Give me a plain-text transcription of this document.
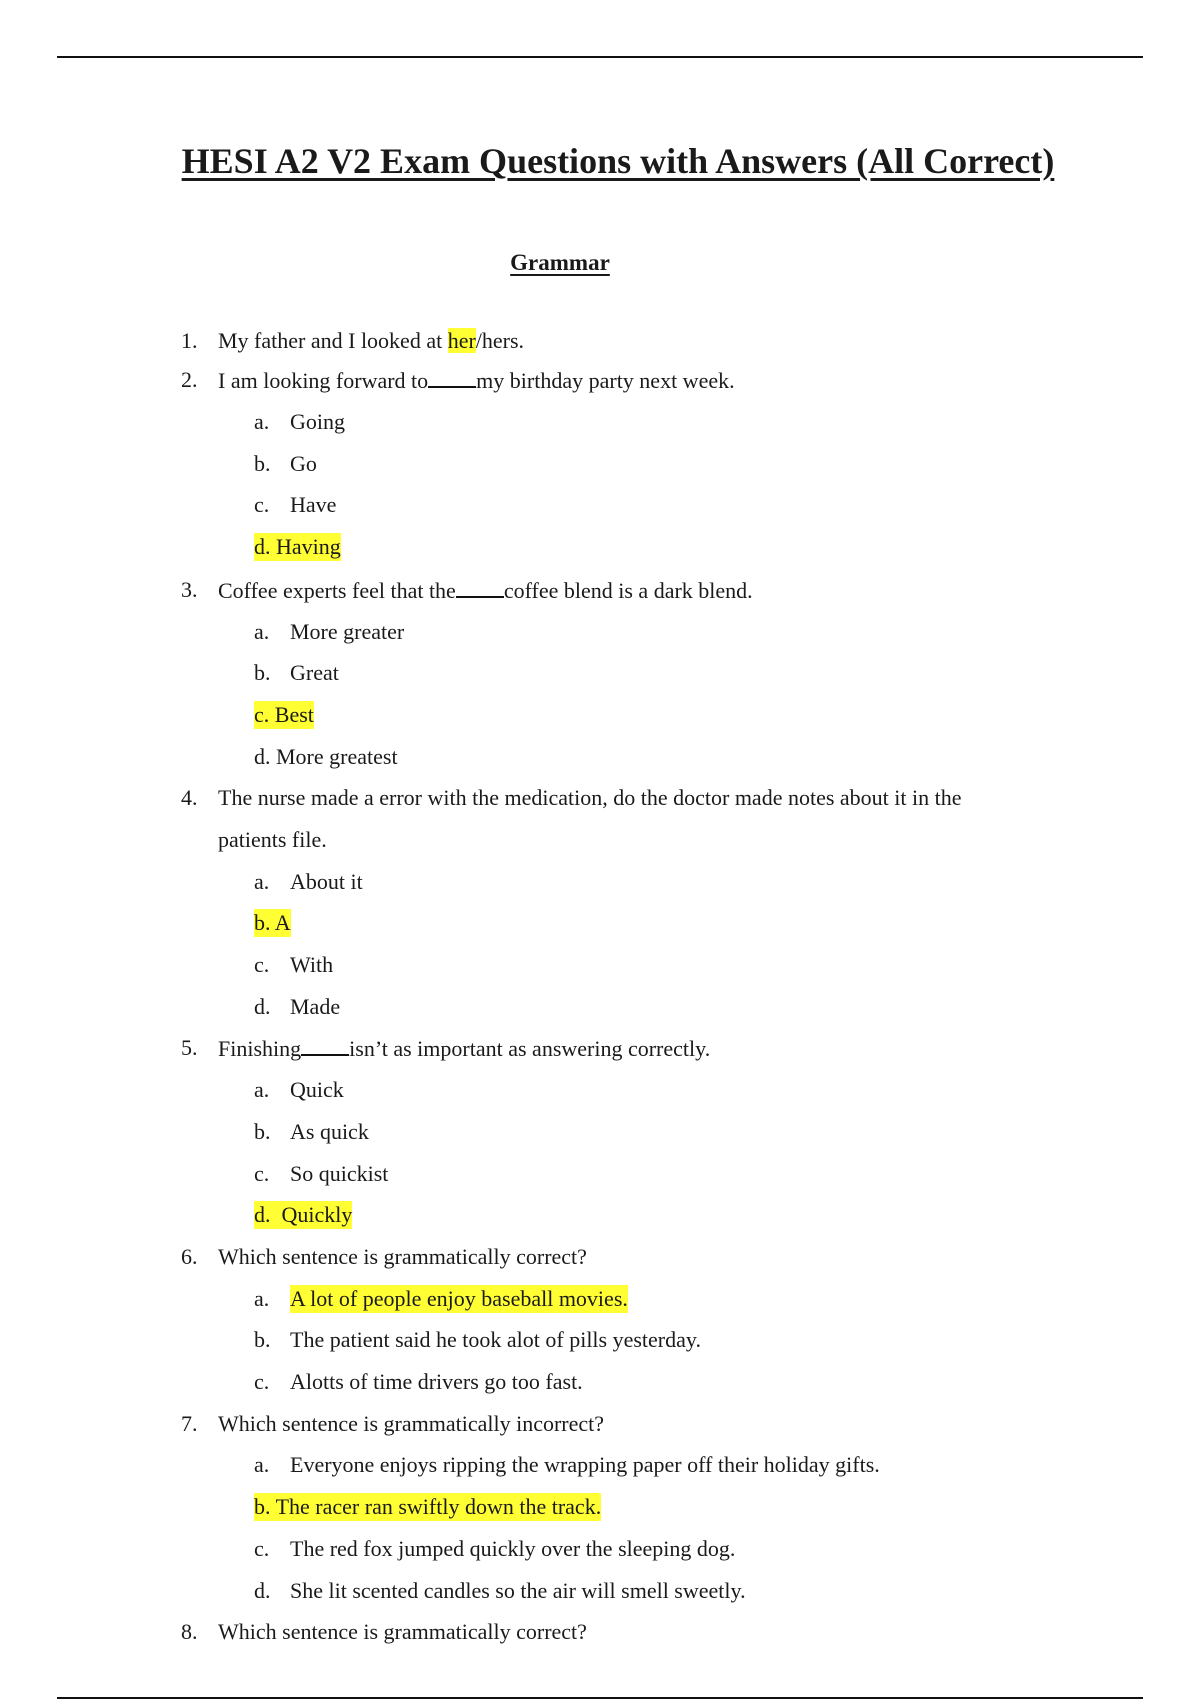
HESI A2 V2 Exam Questions with Answers (All Correct)
Grammar
1. My father and I looked at her/hers.
2. I am looking forward to my birthday party next week.
a. Going
b. Go
c. Have
d. Having
3. Coffee experts feel that the coffee blend is a dark blend.
a. More greater
b. Great
c. Best
d. More greatest
4. The nurse made a error with the medication, do the doctor made notes about it in the
patients file.
a. About it
b. A
c. With
d. Made
5. Finishing isn’t as important as answering correctly.
a. Quick
b. As quick
c. So quickist
d.  Quickly
6. Which sentence is grammatically correct?
a. A lot of people enjoy baseball movies.
b. The patient said he took alot of pills yesterday.
c. Alotts of time drivers go too fast.
7. Which sentence is grammatically incorrect?
a. Everyone enjoys ripping the wrapping paper off their holiday gifts.
b. The racer ran swiftly down the track.
c. The red fox jumped quickly over the sleeping dog.
d. She lit scented candles so the air will smell sweetly.
8. Which sentence is grammatically correct?
